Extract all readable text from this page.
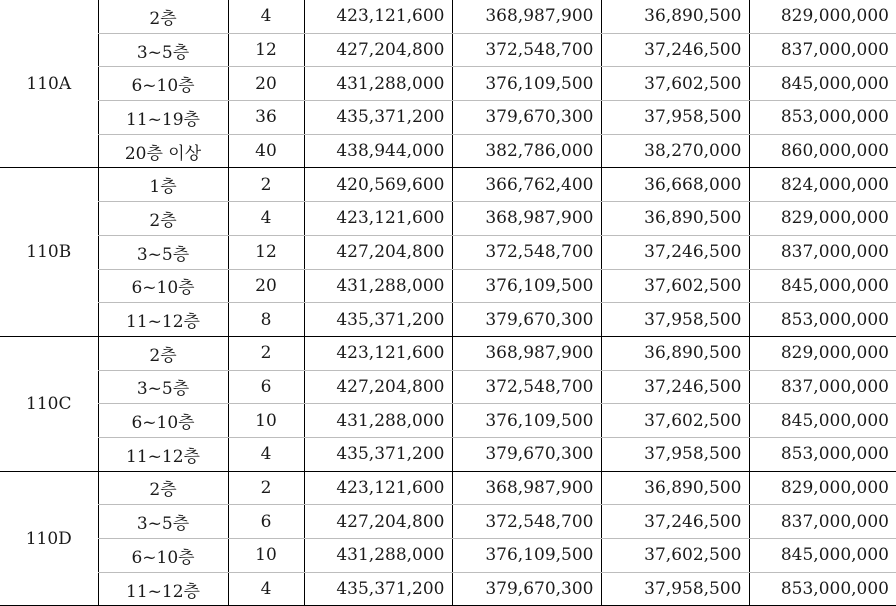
110A	2층	4	423,121,600	368,987,900	36,890,500	829,000,000
	3~5층	12	427,204,800	372,548,700	37,246,500	837,000,000
	6~10층	20	431,288,000	376,109,500	37,602,500	845,000,000
	11~19층	36	435,371,200	379,670,300	37,958,500	853,000,000
	20층 이상	40	438,944,000	382,786,000	38,270,000	860,000,000
110B	1층	2	420,569,600	366,762,400	36,668,000	824,000,000
	2층	4	423,121,600	368,987,900	36,890,500	829,000,000
	3~5층	12	427,204,800	372,548,700	37,246,500	837,000,000
	6~10층	20	431,288,000	376,109,500	37,602,500	845,000,000
	11~12층	8	435,371,200	379,670,300	37,958,500	853,000,000
110C	2층	2	423,121,600	368,987,900	36,890,500	829,000,000
	3~5층	6	427,204,800	372,548,700	37,246,500	837,000,000
	6~10층	10	431,288,000	376,109,500	37,602,500	845,000,000
	11~12층	4	435,371,200	379,670,300	37,958,500	853,000,000
110D	2층	2	423,121,600	368,987,900	36,890,500	829,000,000
	3~5층	6	427,204,800	372,548,700	37,246,500	837,000,000
	6~10층	10	431,288,000	376,109,500	37,602,500	845,000,000
	11~12층	4	435,371,200	379,670,300	37,958,500	853,000,000
